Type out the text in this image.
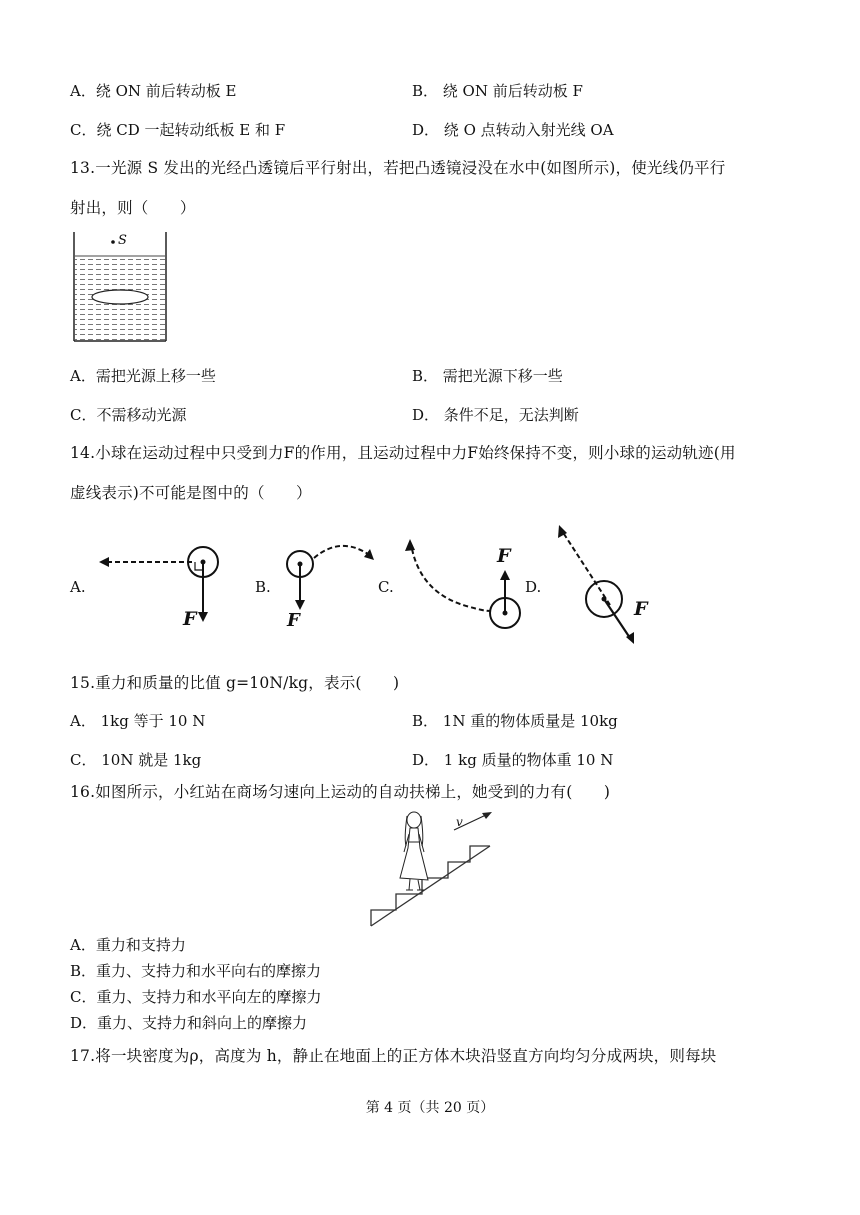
A．绕 ON 前后转动板 E	B． 绕 ON 前后转动板 F
C．绕 CD 一起转动纸板 E 和 F	D． 绕 O 点转动入射光线 OA
13.一光源 S 发出的光经凸透镜后平行射出，若把凸透镜浸没在水中(如图所示)，使光线仍平行
射出，则（　　）
S
A．需把光源上移一些	B． 需把光源下移一些
C．不需移动光源	D． 条件不足，无法判断
14.小球在运动过程中只受到力F的作用，且运动过程中力F始终保持不变，则小球的运动轨迹(用
虚线表示)不可能是图中的（　　）
A.
F
B.
F
C.
F
D.
F
15.重力和质量的比值 g=10N/kg，表示(　　)
A． 1kg 等于 10 N	B． 1N 重的物体质量是 10kg
C． 10N 就是 1kg	D． 1 kg 质量的物体重 10 N
16.如图所示，小红站在商场匀速向上运动的自动扶梯上，她受到的力有(　　)
v
A．重力和支持力
B．重力、支持力和水平向右的摩擦力
C．重力、支持力和水平向左的摩擦力
D．重力、支持力和斜向上的摩擦力
17.将一块密度为ρ，高度为 h，静止在地面上的正方体木块沿竖直方向均匀分成两块，则每块
第 4 页（共 20 页）
